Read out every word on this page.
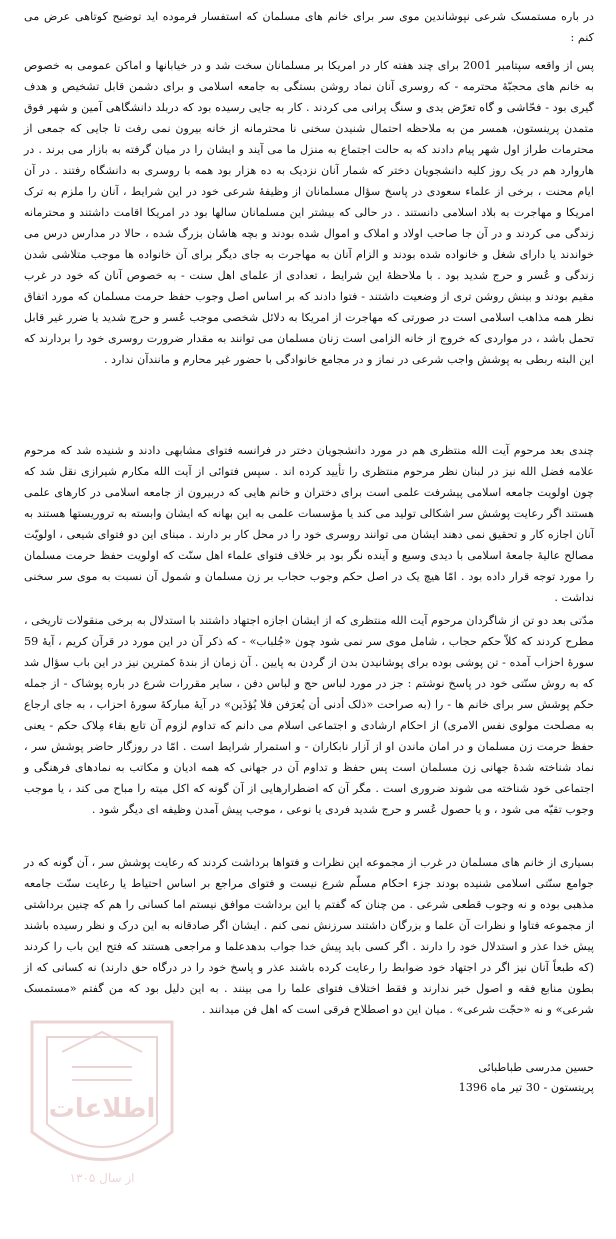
در باره مستمسک شرعی نپوشاندین موی سر برای خانم های مسلمان که استفسار فرموده اید توضیح کوتاهی عرض می کنم :

پس از واقعه سپتامبر 2001 برای چند هفته کار در امریکا بر مسلمانان سخت شد و در خیابانها و اماکن عمومی به خصوص به خانم های محجبّۀ محترمه - که روسری آنان نماد روشن بستگی به جامعه اسلامی و برای دشمن قابل تشخیص و هدف گیری بود - فحّاشی و گاه تعرّض یدی و سنگ پرانی می کردند . کار به جایی رسیده بود که دربلد دانشگاهی آمین و شهر فوق متمدن پرینستون، همسر من به ملاحظه احتمال شنیدن سخنی نا محترمانه از خانه بیرون نمی رفت تا جایی که جمعی از محترمات طراز اول شهر پیام دادند که به حالت اجتماع به منزل ما می آیند و ایشان را در میان گرفته به بازار می برند . در هاروارد هم در یک روز کلیه دانشجویان دختر که شمار آنان نزدیک به ده هزار بود همه با روسری به دانشگاه رفتند . در آن ایام محنت ، برخی از علماء سعودی در پاسخ سؤال مسلمانان از وظیفۀ شرعی خود در این شرایط ، آنان را ملزم به ترک امریکا و مهاجرت به بلاد اسلامی دانستند . در حالی که بیشتر این مسلمانان سالها بود در امریکا اقامت داشتند و محترمانه زندگی می کردند و در آن جا صاحب اولاد و املاک و اموال شده بودند و بچه هاشان بزرگ شده ، حالا در مدارس درس می خواندند یا دارای شغل و خانواده شده بودند و الزام آنان به مهاجرت به جای دیگر برای آن خانواده ها موجب متلاشی شدن زندگی و عُسر و حرج شدید بود . با ملاحظۀ این شرایط ، تعدادی از علمای اهل سنت - به خصوص آنان که خود در غرب مقیم بودند و بینش روشن تری از وضعیت داشتند - فتوا دادند که بر اساس اصل وجوب حفظ حرمت مسلمان که مورد اتفاق نظر همه مذاهب اسلامی است در صورتی که مهاجرت از امریکا به دلائل شخصی موجب عُسر و حرج شدید یا ضرر غیر قابل تحمل باشد ، در مواردی که خروج از خانه الزامی است زنان مسلمان می توانند به مقدار ضرورت روسری خود را بردارند که این البته ربطی به پوشش واجب شرعی در نماز و در مجامع خانوادگی با حضور غیر محارم و مانندآن ندارد .

چندی بعد مرحوم آیت الله منتظری هم در مورد دانشجویان دختر در فرانسه فتوای مشابهی دادند و شنیده شد که مرحوم علامه فضل الله نیز در لبنان نظر مرحوم منتظری را تأیید کرده اند . سپس فتوائی از آیت الله مکارم شیرازی نقل شد که چون اولویت جامعه اسلامی پیشرفت علمی است برای دختران و خانم هایی که دربیرون از جامعه اسلامی در کارهای علمی هستند اگر رعایت پوشش سر اشکالی تولید می کند یا مؤسسات علمی به این بهانه که ایشان وابسته به تروریستها هستند به آنان اجازه کار و تحقیق نمی دهند ایشان می توانند روسری خود را در محل کار بر دارند . مبنای این دو فتوای شیعی ، اولویّت مصالح عالیۀ جامعۀ اسلامی با دیدی وسیع و آینده نگر بود بر خلاف فتوای علماء اهل سنّت که اولویت حفظ حرمت مسلمان را مورد توجه قرار داده بود . امّا هیچ یک در اصل حکم وجوب حجاب بر زن مسلمان و شمول آن نسبت به موی سر سخنی نداشت .

مدّتی بعد دو تن از شاگردان مرحوم آیت الله منتظری که از ایشان اجازه اجتهاد داشتند با استدلال به برخی منقولات تاریخی ، مطرح کردند که کلاّ حکم حجاب ، شامل موی سر نمی شود چون «جُلباب» - که ذکر آن در این مورد در قرآن کریم ، آیۀ 59 سورۀ احزاب آمده - تن پوشی بوده برای پوشانیدن بدن از گردن به پایین . آن زمان از بندۀ کمترین نیز در این باب سؤال شد که به روش سنّتی خود در پاسخ نوشتم : جز در مورد لباس حج و لباس دفن ، سایر مقررات شرع در باره پوشاک - از جمله حکم پوشش سر برای خانم ها - را (به صراحت «ذلک أدنی أن یُعرَفن فلا یُؤذَین» در آیۀ مبارکۀ سورۀ احزاب ، به جای ارجاع به مصلحت مولوی نفس الامری) از احکام ارشادی و اجتماعی اسلام می دانم که تداوم لزوم آن تابع بقاء مِلاک حکم - یعنی حفظ حرمت زن مسلمان و در امان ماندن او از آزار نابکاران - و استمرار شرایط است . امّا در روزگار حاضر پوشش سر ، نماد شناخته شدۀ جهانی زن مسلمان است پس حفظ و تداوم آن در جهانی که همه ادیان و مکاتب به نمادهای فرهنگی و اجتماعی خود شناخته می شوند ضروری است . مگر آن که اضطرارهایی از آن گونه که اکل میته را مباح می کند ، یا موجب وجوب تقیّه می شود ، و یا حصول عُسر و حرج شدید فردی یا نوعی ، موجب پیش آمدن وظیفه ای دیگر شود .

بسیاری از خانم های مسلمان در غرب از مجموعه این نظرات و فتواها برداشت کردند که رعایت پوشش سر ، آن گونه که در جوامع سنّتی اسلامی شنیده بودند جزء احکام مسلّم شرع نیست و فتوای مراجع بر اساس احتیاط یا رعایت سنّت جامعه مذهبی بوده و نه وجوب قطعی شرعی . من چنان که گفتم یا این برداشت موافق نیستم اما کسانی را هم که چنین برداشتی از مجموعه فتاوا و نظرات آن علما و بزرگان داشتند سرزنش نمی کنم . ایشان اگر صادقانه به این درک و نظر رسیده باشند پیش خدا عذر و استدلال خود را دارند . اگر کسی باید پیش خدا جواب بدهدعلما و مراجعی هستند که فتح این باب را کردند (که طبعاً آنان نیز اگر در اجتهاد خود ضوابط را رعایت کرده باشند عذر و پاسخ خود را در درگاه حق دارند) نه کسانی که از بطون منابع فقه و اصول خبر ندارند و فقط اختلاف فتوای علما را می بینند . به این دلیل بود که من گفتم «مستمسک شرعی» و نه «حجّت شرعی» . میان این دو اصطلاح فرقی است که اهل فن میدانند .

حسین مدرسی طباطبائی
پرینستون - 30 تیر ماه 1396
اطلاعات
از سال ۱۳۰۵
